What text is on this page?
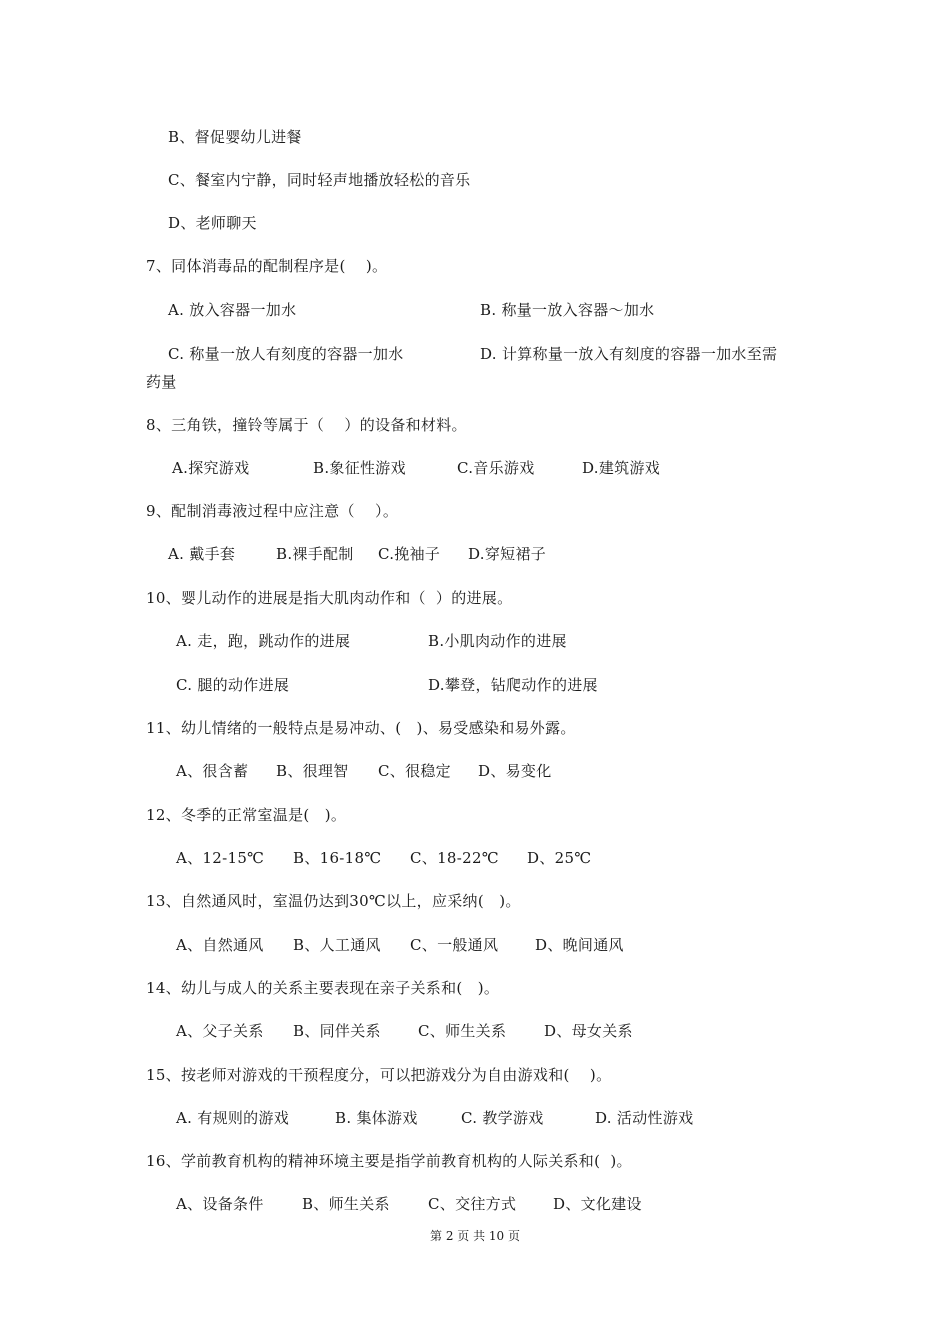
B、督促婴幼儿进餐
C、餐室内宁静，同时轻声地播放轻松的音乐
D、老师聊天
7、同体消毒品的配制程序是(    )。
A. 放入容器一加水	B. 称量一放入容器～加水
C. 称量一放人有刻度的容器一加水	D. 计算称量一放入有刻度的容器一加水至需
药量
8、三角铁，撞铃等属于（    ）的设备和材料。
A.探究游戏	B.象征性游戏	C.音乐游戏	D.建筑游戏
9、配制消毒液过程中应注意（    ）。
A. 戴手套	B.裸手配制 C.挽袖子 D.穿短裙子
10、婴儿动作的进展是指大肌肉动作和（  ）的进展。
A. 走，跑，跳动作的进展	B.小肌肉动作的进展
C. 腿的动作进展	D.攀登，钻爬动作的进展
11、幼儿情绪的一般特点是易冲动、(   )、易受感染和易外露。
A、很含蓄 B、很理智 C、很稳定 D、易变化
12、冬季的正常室温是(   )。
A、12-15℃ B、16-18℃ C、18-22℃ D、25℃
13、自然通风时，室温仍达到30℃以上，应采纳(   )。
A、自然通风 B、人工通风 C、一般通风 D、晚间通风
14、幼儿与成人的关系主要表现在亲子关系和(   )。
A、父子关系 B、同伴关系 C、师生关系	D、母女关系
15、按老师对游戏的干预程度分，可以把游戏分为自由游戏和(    )。
A. 有规则的游戏	B. 集体游戏	C. 教学游戏	D. 活动性游戏
16、学前教育机构的精神环境主要是指学前教育机构的人际关系和(  )。
A、设备条件	B、师生关系	C、交往方式 D、文化建设
第 2 页 共 10 页
